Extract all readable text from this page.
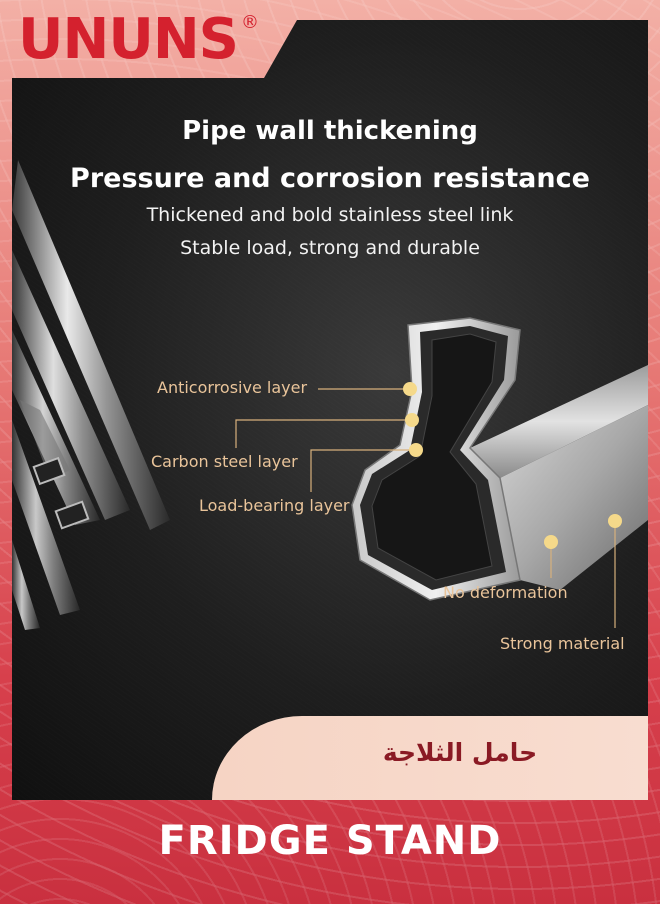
UNUNS ®
Pipe wall thickening
Pressure and corrosion resistance
Thickened and bold stainless steel link
Stable load, strong and durable
Anticorrosive layer
Carbon steel layer
Load-bearing layer
No deformation
Strong material
حامل الثلاجة
FRIDGE STAND
